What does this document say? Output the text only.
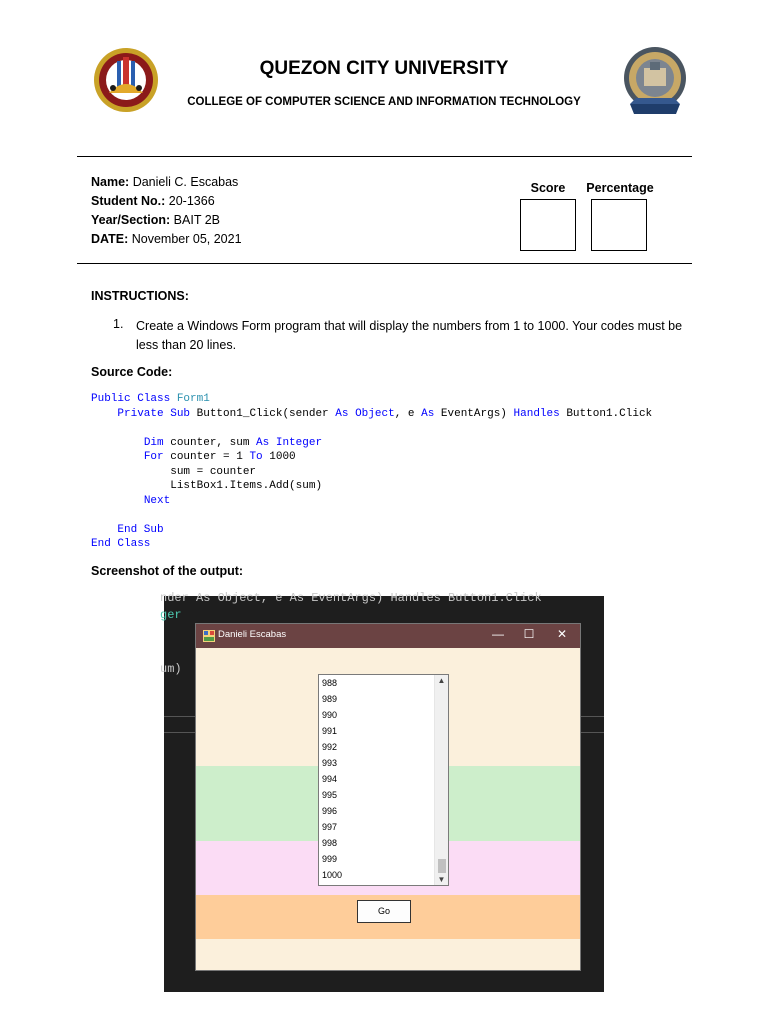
QUEZON CITY UNIVERSITY
COLLEGE OF COMPUTER SCIENCE AND INFORMATION TECHNOLOGY
Name: Danieli C. Escabas
Student No.: 20-1366
Year/Section: BAIT 2B
DATE: November 05, 2021
Score	Percentage
INSTRUCTIONS:
1. Create a Windows Form program that will display the numbers from 1 to 1000. Your codes must be less than 20 lines.
Source Code:
Public Class Form1
Private Sub Button1_Click(sender As Object, e As EventArgs) Handles Button1.Click

Dim counter, sum As Integer
For counter = 1 To 1000
sum = counter
ListBox1.Items.Add(sum)
Next

End Sub
End Class
Screenshot of the output:
nder As Object, e As EventArgs) Handles Button1.Click
ger
um)
Danieli Escabas	—	☐	✕
988
989
990
991
992
993
994
995
996
997
998
999
1000
▲
▼
Go
